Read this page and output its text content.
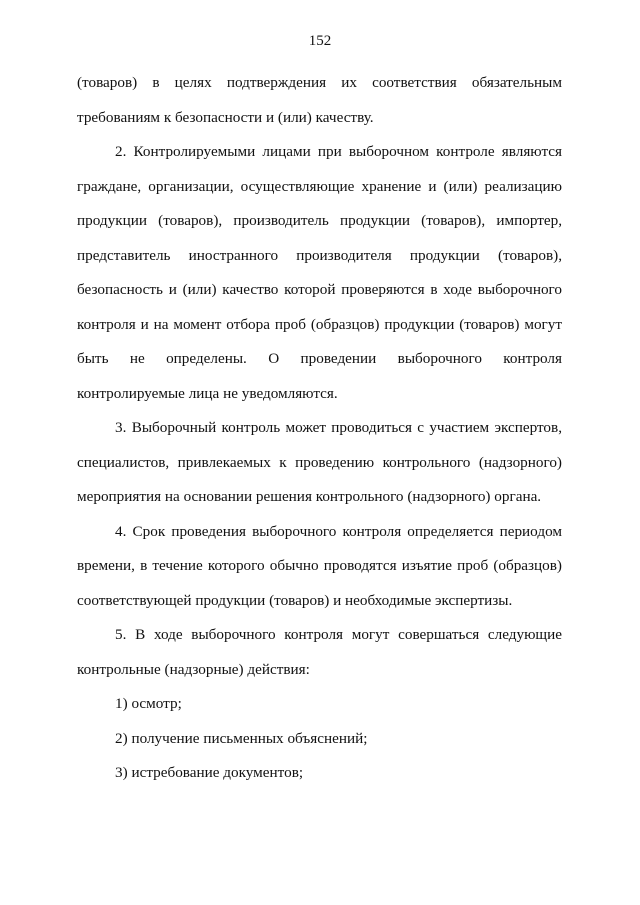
152

(товаров) в целях подтверждения их соответствия обязательным требованиям к безопасности и (или) качеству.

2. Контролируемыми лицами при выборочном контроле являются граждане, организации, осуществляющие хранение и (или) реализацию продукции (товаров), производитель продукции (товаров), импортер, представитель иностранного производителя продукции (товаров), безопасность и (или) качество которой проверяются в ходе выборочного контроля и на момент отбора проб (образцов) продукции (товаров) могут быть не определены. О проведении выборочного контроля контролируемые лица не уведомляются.

3. Выборочный контроль может проводиться с участием экспертов, специалистов, привлекаемых к проведению контрольного (надзорного) мероприятия на основании решения контрольного (надзорного) органа.

4. Срок проведения выборочного контроля определяется периодом времени, в течение которого обычно проводятся изъятие проб (образцов) соответствующей продукции (товаров) и необходимые экспертизы.

5. В ходе выборочного контроля могут совершаться следующие контрольные (надзорные) действия:

1) осмотр;

2) получение письменных объяснений;

3) истребование документов;
